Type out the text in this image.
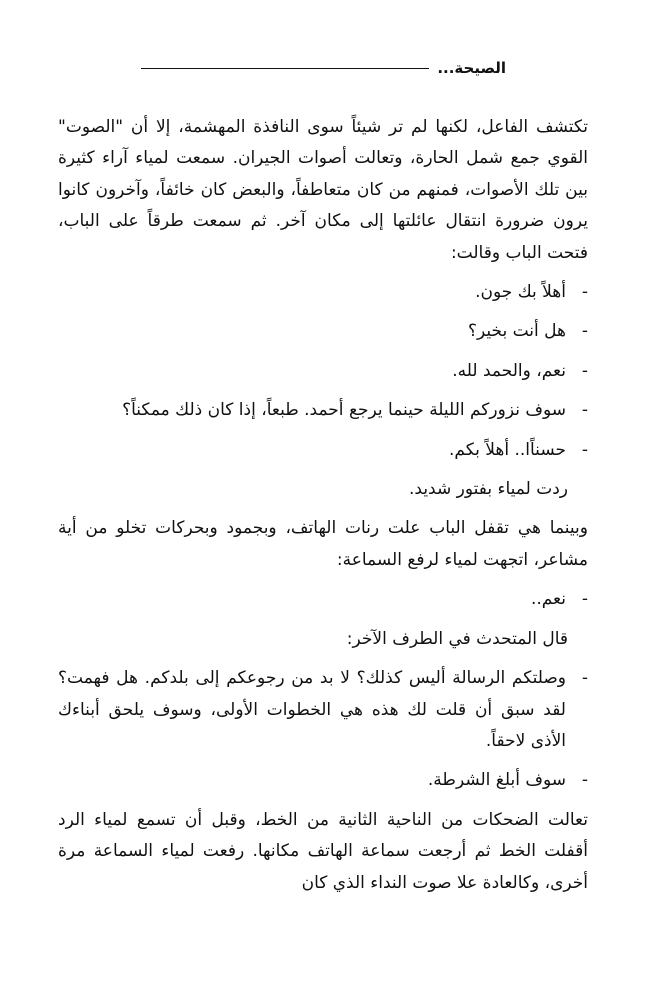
الصيحة...

تكتشف الفاعل، لكنها لم تر شيئاً سوى النافذة المهشمة، إلا أن "الصوت" القوي جمع شمل الحارة، وتعالت أصوات الجيران. سمعت لمياء آراء كثيرة بين تلك الأصوات، فمنهم من كان متعاطفاً، والبعض كان خائفاً، وآخرون كانوا يرون ضرورة انتقال عائلتها إلى مكان آخر. ثم سمعت طرقاً على الباب، فتحت الباب وقالت:

-
أهلاً بك جون.
-
هل أنت بخير؟
-
نعم، والحمد لله.
-
سوف نزوركم الليلة حينما يرجع أحمد. طبعاً، إذا كان ذلك ممكناً؟
-
حسناًا.. أهلاً بكم.

ردت لمياء بفتور شديد.

وبينما هي تقفل الباب علت رنات الهاتف، وبجمود وبحركات تخلو من أية مشاعر، اتجهت لمياء لرفع السماعة:

-
نعم..

قال المتحدث في الطرف الآخر:

-
وصلتكم الرسالة أليس كذلك؟ لا بد من رجوعكم إلى بلدكم. هل فهمت؟ لقد سبق أن قلت لك هذه هي الخطوات الأولى، وسوف يلحق أبناءك الأذى لاحقاً.
-
سوف أبلغ الشرطة.

تعالت الضحكات من الناحية الثانية من الخط، وقبل أن تسمع لمياء الرد أقفلت الخط ثم أرجعت سماعة الهاتف مكانها. رفعت لمياء السماعة مرة أخرى، وكالعادة علا صوت النداء الذي كان
